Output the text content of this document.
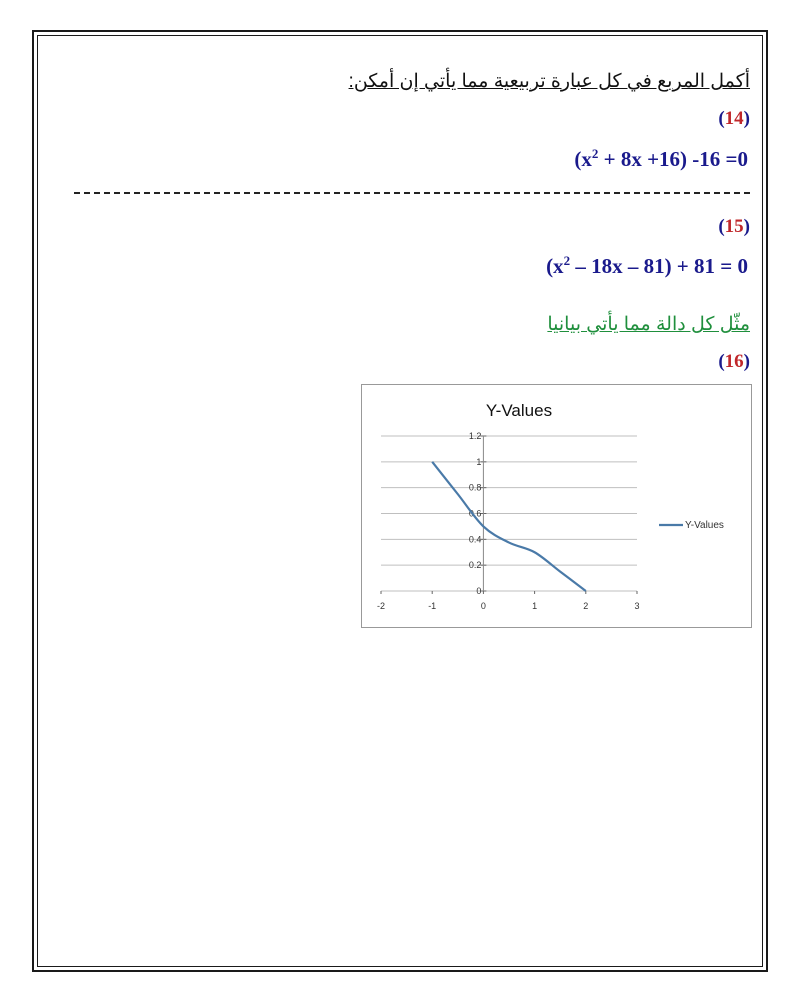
أكمل المربع في كل عبارة تربيعية مما يأتي إن أمكن:
(14)
$(x^2 + 8x +16)$ -16 =0
(15)
$(x^2 - 18x - 81) + 81 = 0$
مثّل كل دالة مما يأتي بيانيا
(16)
Y-Values
0
0.2
0.4
0.6
0.8
1
1.2
-2	-1	0	1	2	3
Y-Values
